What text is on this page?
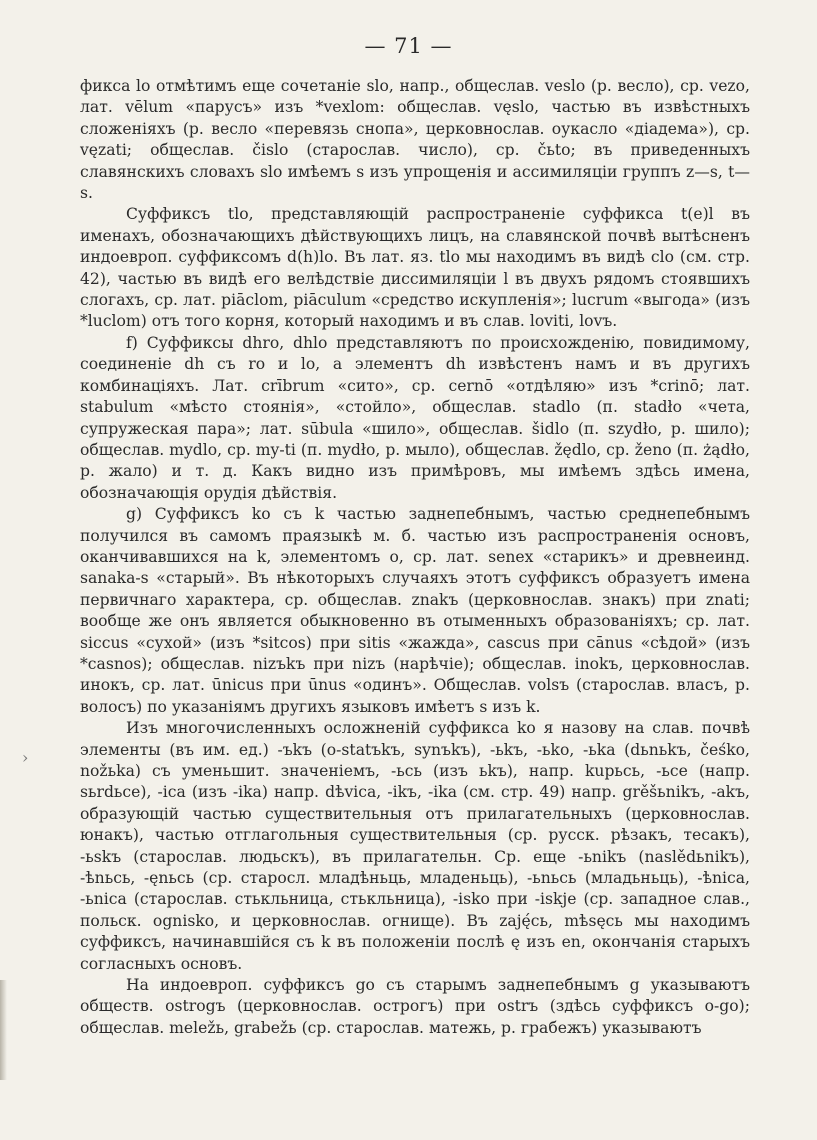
— 71 —
›

фикса lo отмѣтимъ еще сочетаніе slo, напр., общеслав. veslo (р. весло), ср. vezo, лат. vēlum «парусъ» изъ *vexlom: общеслав. vęslo, частью въ извѣстныхъ сложеніяхъ (р. весло «перевязь снопа», церковнослав. оукасло «діадема»), ср. vęzati; общеслав. čislo (старослав. число), ср. čьto; въ приведенныхъ славянскихъ словахъ slo имѣемъ s изъ упрощенія и ассимиляціи группъ z—s, t—s.

Суффиксъ tlo, представляющій распространеніе суффикса t(e)l въ именахъ, обозначающихъ дѣйствующихъ лицъ, на славянской почвѣ вытѣсненъ индоевроп. суффиксомъ d(h)lo. Въ лат. яз. tlo мы находимъ въ видѣ clo (см. стр. 42), частью въ видѣ его велѣдствіе диссимиляціи l въ двухъ рядомъ стоявшихъ слогахъ, ср. лат. piāclom, piāculum «средство искупленія»; lucrum «выгода» (изъ *luclom) отъ того корня, который находимъ и въ слав. loviti, lovъ.

f) Суффиксы dhro, dhlo представляютъ по происхожденію, повидимому, соединеніе dh съ ro и lo, а элементъ dh извѣстенъ намъ и въ другихъ комбинаціяхъ. Лат. crībrum «сито», ср. cernō «отдѣляю» изъ *crinō; лат. stabulum «мѣсто стоянія», «стойло», общеслав. stadlo (п. stadło «чета, супружеская пара»; лат. sūbula «шило», общеслав. šidlo (п. szydło, р. шило); общеслав. mydlo, ср. my-ti (п. mydło, р. мыло), общеслав. žędlo, ср. ženo (п. żądło, р. жало) и т. д. Какъ видно изъ примѣровъ, мы имѣемъ здѣсь имена, обозначающія орудія дѣйствія.

g) Суффиксъ ko съ k частью заднепебнымъ, частью среднепебнымъ получился въ самомъ праязыкѣ м. б. частью изъ распространенія основъ, оканчивавшихся на k, элементомъ o, ср. лат. senex «старикъ» и древнеинд. sanaka-s «старый». Въ нѣкоторыхъ случаяхъ этотъ суффиксъ образуетъ имена первичнаго характера, ср. общеслав. znakъ (церковнослав. знакъ) при znati; вообще же онъ является обыкновенно въ отыменныхъ образованіяхъ; ср. лат. siccus «сухой» (изъ *sitcos) при sitis «жажда», cascus при cānus «сѣдой» (изъ *casnos); общеслав. nizъkъ при nizъ (нарѣчіе); общеслав. inokъ, церковнослав. инокъ, ср. лат. ūnicus при ūnus «одинъ». Общеслав. volsъ (старослав. власъ, р. волосъ) по указаніямъ другихъ языковъ имѣетъ s изъ k.

Изъ многочисленныхъ осложненій суффикса ko я назову на слав. почвѣ элементы (въ им. ед.) -ъkъ (o-statъkъ, synъkъ), -ьkъ, -ьko, -ьka (dьnьkъ, čeśko, nožьka) съ уменьшит. значеніемъ, -ьcь (изъ ьkъ), напр. kupьcь, -ьce (напр. sьrdьce), -ica (изъ -ika) напр. dѣvica, -ikъ, -ika (см. стр. 49) напр. grěšьnikъ, -akъ, образующій частью существительныя отъ прилагательныхъ (церковнослав. юнакъ), частью отглагольныя существительныя (ср. русск. рѣзакъ, тесакъ), -ьskъ (старослав. людьскъ), въ прилагательн. Ср. еще -ьnikъ (naslědьnikъ), -ѣnьcь, -ęnьcь (ср. старосл. младѣньць, младеньць), -ьnьcь (младьньць), -ѣnica, -ьnica (старослав. стькльница, стькльница), -isko при -iskje (ср. западное слав., польск. ognisko, и церковнослав. огнище). Въ zaję́cь, mѣsęcь мы находимъ суффиксъ, начинавшійся съ k въ положеніи послѣ ę изъ en, окончанія старыхъ согласныхъ основъ.

На индоевроп. суффиксъ go съ старымъ заднепебнымъ g указываютъ обществ. ostrogъ (церковнослав. острогъ) при ostrъ (здѣсь суффиксъ o-go); общеслав. meležь, grabežь (ср. старослав. матежь, р. грабежъ) указываютъ
